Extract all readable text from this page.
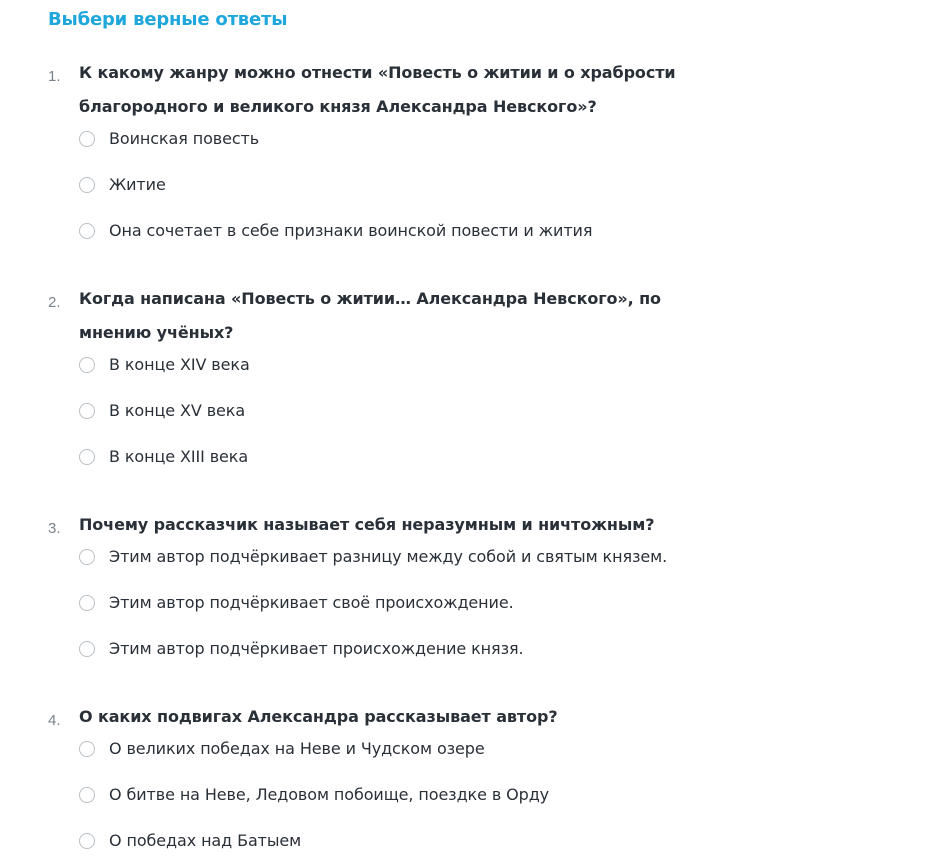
Выбери верные ответы
1. К какому жанру можно отнести «Повесть о житии и о храбрости благородного и великого князя Александра Невского»?
Воинская повесть
Житие
Она сочетает в себе признаки воинской повести и жития
2. Когда написана «Повесть о житии… Александра Невского», по мнению учёных?
В конце XIV века
В конце XV века
В конце XIII века
3. Почему рассказчик называет себя неразумным и ничтожным?
Этим автор подчёркивает разницу между собой и святым князем.
Этим автор подчёркивает своё происхождение.
Этим автор подчёркивает происхождение князя.
4. О каких подвигах Александра рассказывает автор?
О великих победах на Неве и Чудском озере
О битве на Неве, Ледовом побоище, поездке в Орду
О победах над Батыем
